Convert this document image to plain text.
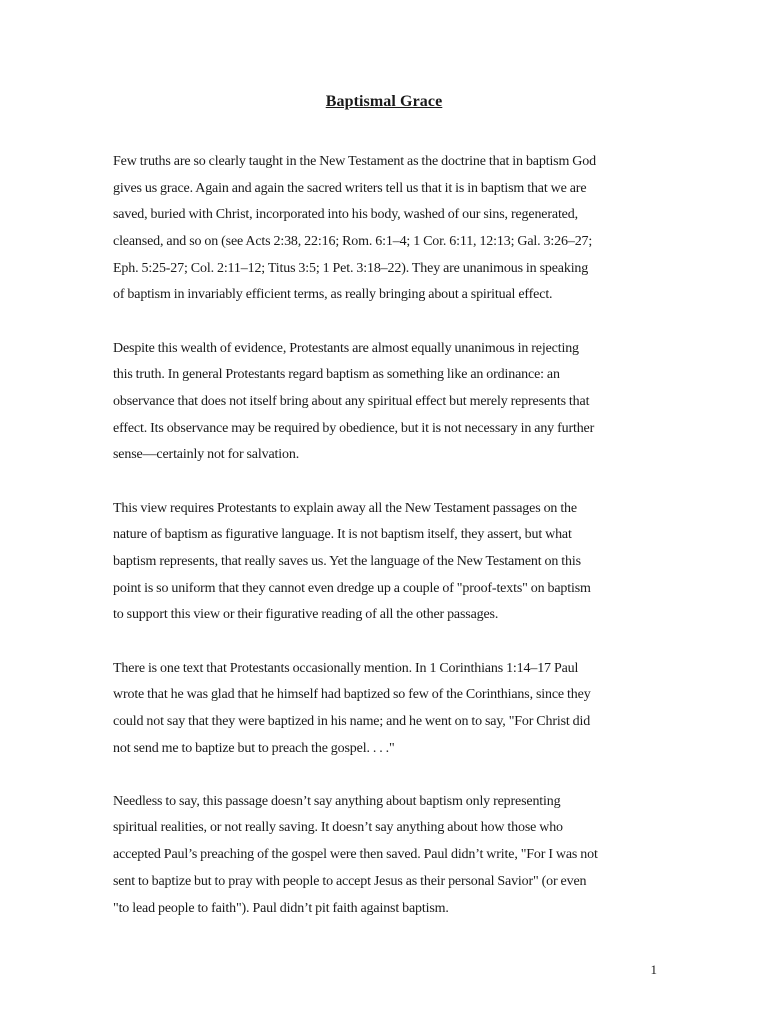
Baptismal Grace
Few truths are so clearly taught in the New Testament as the doctrine that in baptism God
gives us grace. Again and again the sacred writers tell us that it is in baptism that we are
saved, buried with Christ, incorporated into his body, washed of our sins, regenerated,
cleansed, and so on (see Acts 2:38, 22:16; Rom. 6:1–4; 1 Cor. 6:11, 12:13; Gal. 3:26–27;
Eph. 5:25-27; Col. 2:11–12; Titus 3:5; 1 Pet. 3:18–22). They are unanimous in speaking
of baptism in invariably efficient terms, as really bringing about a spiritual effect.
Despite this wealth of evidence, Protestants are almost equally unanimous in rejecting
this truth. In general Protestants regard baptism as something like an ordinance: an
observance that does not itself bring about any spiritual effect but merely represents that
effect. Its observance may be required by obedience, but it is not necessary in any further
sense—certainly not for salvation.
This view requires Protestants to explain away all the New Testament passages on the
nature of baptism as figurative language. It is not baptism itself, they assert, but what
baptism represents, that really saves us. Yet the language of the New Testament on this
point is so uniform that they cannot even dredge up a couple of "proof-texts" on baptism
to support this view or their figurative reading of all the other passages.
There is one text that Protestants occasionally mention. In 1 Corinthians 1:14–17 Paul
wrote that he was glad that he himself had baptized so few of the Corinthians, since they
could not say that they were baptized in his name; and he went on to say, "For Christ did
not send me to baptize but to preach the gospel. . . ."
Needless to say, this passage doesn’t say anything about baptism only representing
spiritual realities, or not really saving. It doesn’t say anything about how those who
accepted Paul’s preaching of the gospel were then saved. Paul didn’t write, "For I was not
sent to baptize but to pray with people to accept Jesus as their personal Savior" (or even
"to lead people to faith"). Paul didn’t pit faith against baptism.
1
